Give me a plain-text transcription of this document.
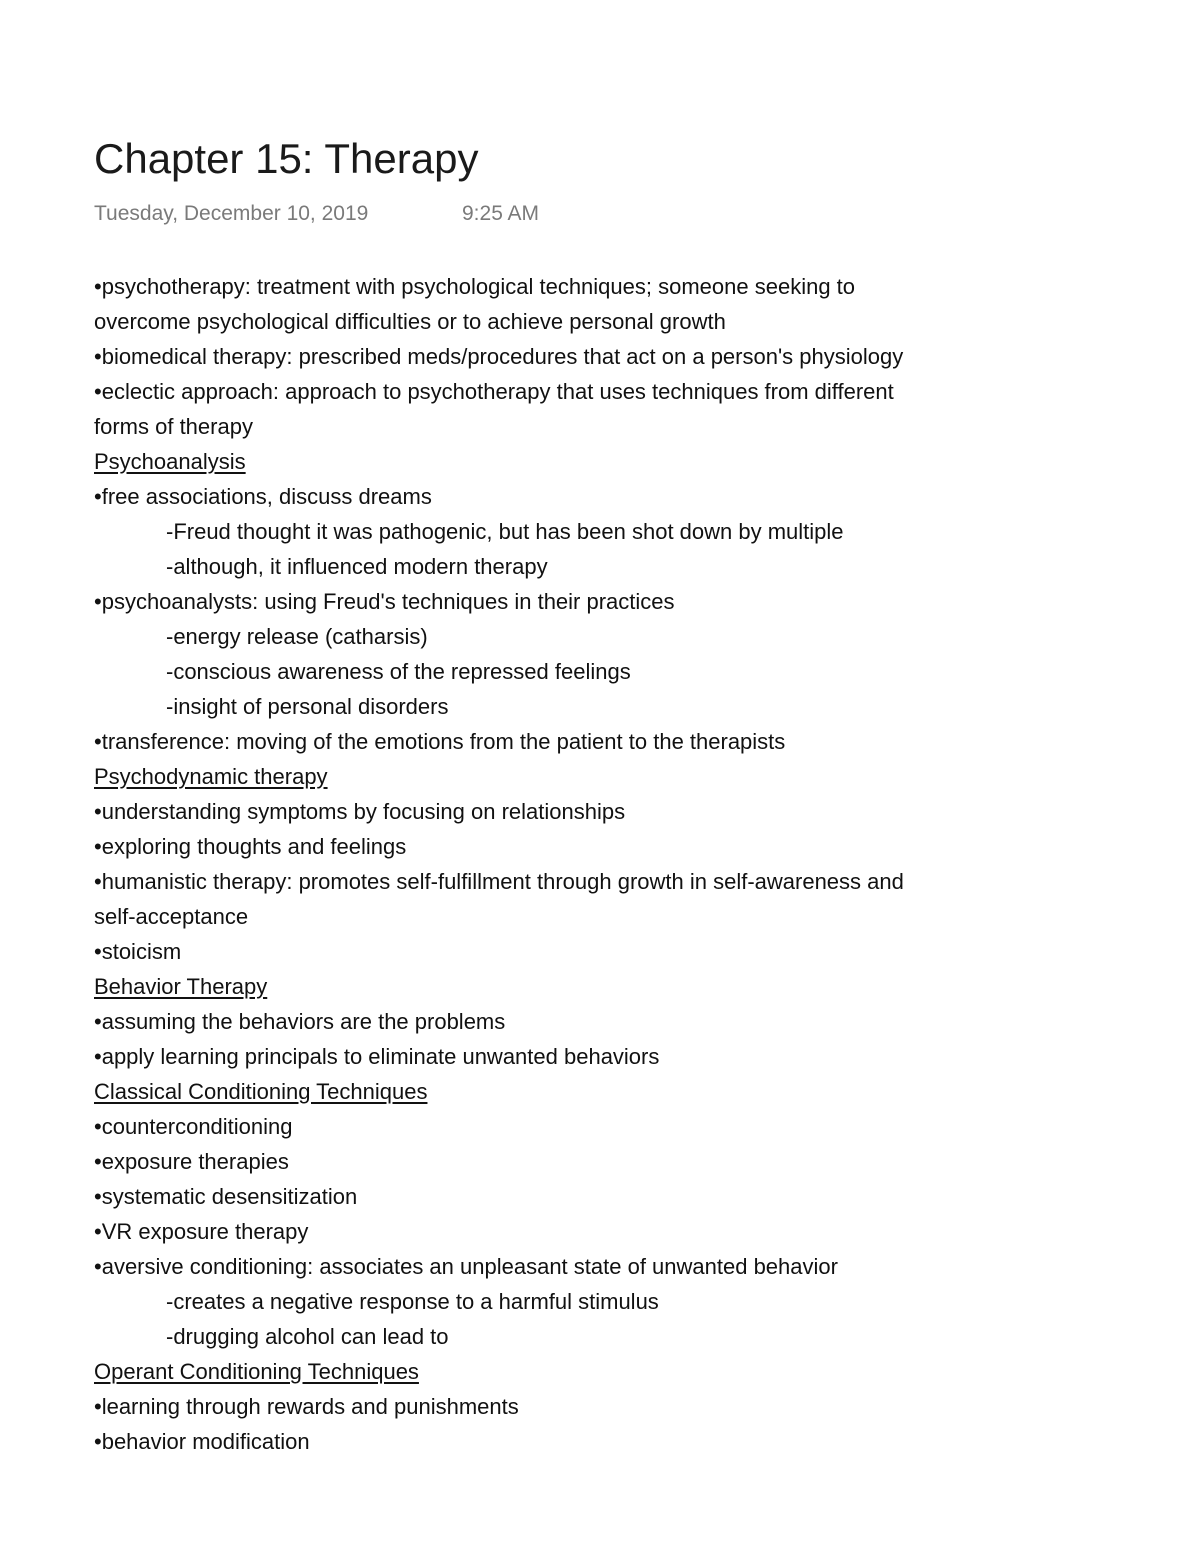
Chapter 15: Therapy
Tuesday, December 10, 2019	9:25 AM
•psychotherapy: treatment with psychological techniques; someone seeking to
overcome psychological difficulties or to achieve personal growth
•biomedical therapy: prescribed meds/procedures that act on a person's physiology
•eclectic approach: approach to psychotherapy that uses techniques from different
forms of therapy
Psychoanalysis
•free associations, discuss dreams
-Freud thought it was pathogenic, but has been shot down by multiple
-although, it influenced modern therapy
•psychoanalysts: using Freud's techniques in their practices
-energy release (catharsis)
-conscious awareness of the repressed feelings
-insight of personal disorders
•transference: moving of the emotions from the patient to the therapists
Psychodynamic therapy
•understanding symptoms by focusing on relationships
•exploring thoughts and feelings
•humanistic therapy: promotes self-fulfillment through growth in self-awareness and
self-acceptance
•stoicism
Behavior Therapy
•assuming the behaviors are the problems
•apply learning principals to eliminate unwanted behaviors
Classical Conditioning Techniques
•counterconditioning
•exposure therapies
•systematic desensitization
•VR exposure therapy
•aversive conditioning: associates an unpleasant state of unwanted behavior
-creates a negative response to a harmful stimulus
-drugging alcohol can lead to
Operant Conditioning Techniques
•learning through rewards and punishments
•behavior modification
